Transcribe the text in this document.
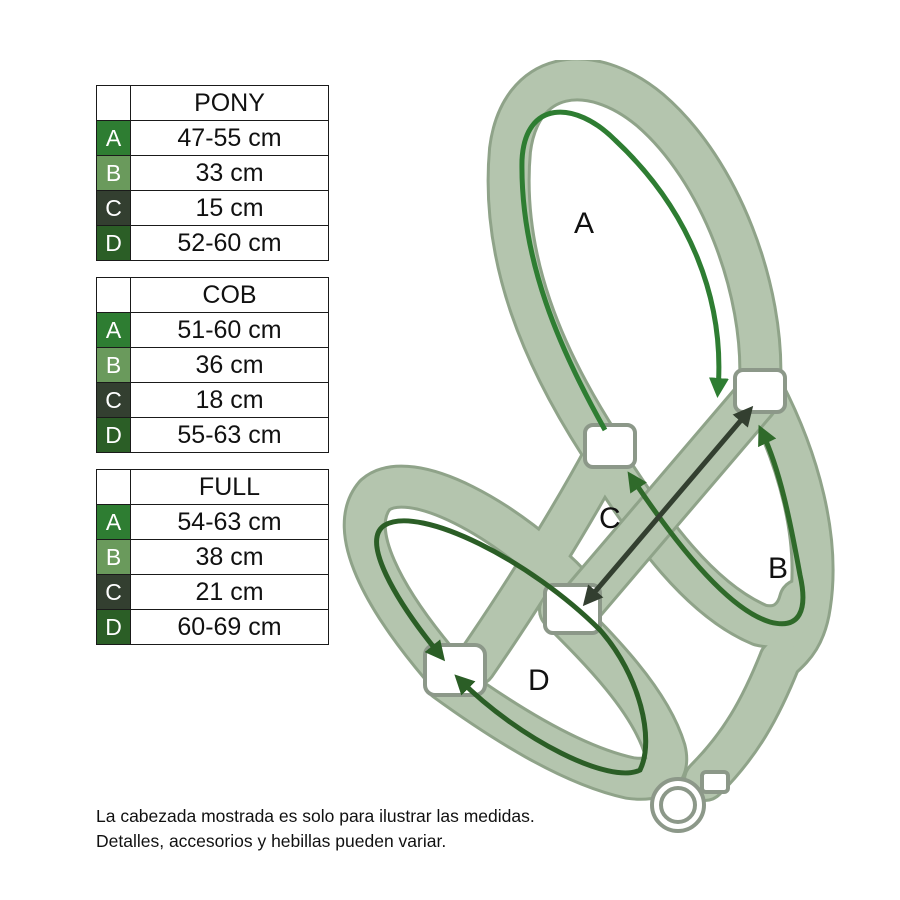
	PONY
A	47-55 cm
B	33 cm
C	15 cm
D	52-60 cm
	COB
A	51-60 cm
B	36 cm
C	18 cm
D	55-63 cm
	FULL
A	54-63 cm
B	38 cm
C	21 cm
D	60-69 cm
A
C
B
D
La cabezada mostrada es solo para ilustrar las medidas.
Detalles, accesorios y hebillas pueden variar.
